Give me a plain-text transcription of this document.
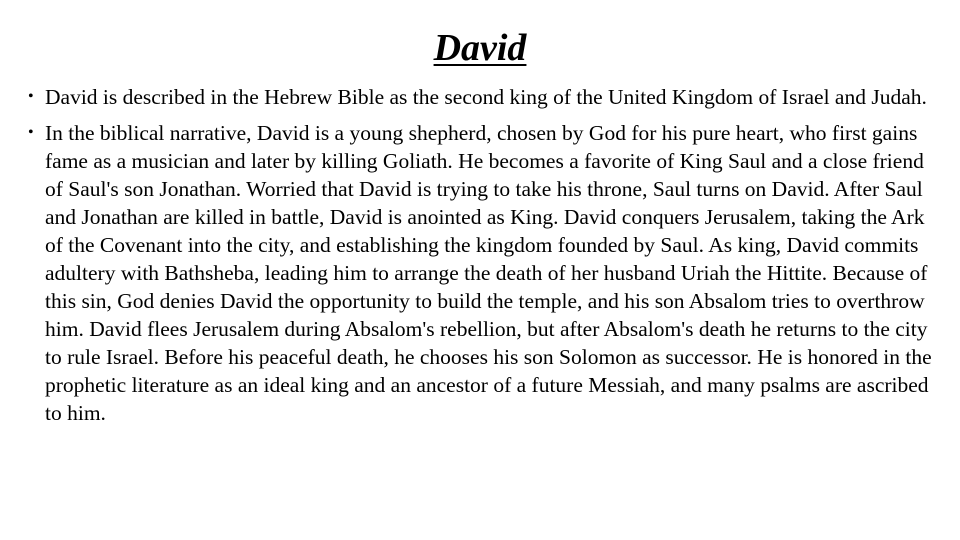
David
• David is described in the Hebrew Bible as the second king of the United Kingdom of Israel and Judah.
• In the biblical narrative, David is a young shepherd, chosen by God for his pure heart, who first gains fame as a musician and later by killing Goliath. He becomes a favorite of King Saul and a close friend of Saul's son Jonathan. Worried that David is trying to take his throne, Saul turns on David. After Saul and Jonathan are killed in battle, David is anointed as King. David conquers Jerusalem, taking the Ark of the Covenant into the city, and establishing the kingdom founded by Saul. As king, David commits adultery with Bathsheba, leading him to arrange the death of her husband Uriah the Hittite. Because of this sin, God denies David the opportunity to build the temple, and his son Absalom tries to overthrow him. David flees Jerusalem during Absalom's rebellion, but after Absalom's death he returns to the city to rule Israel. Before his peaceful death, he chooses his son Solomon as successor. He is honored in the prophetic literature as an ideal king and an ancestor of a future Messiah, and many psalms are ascribed to him.
